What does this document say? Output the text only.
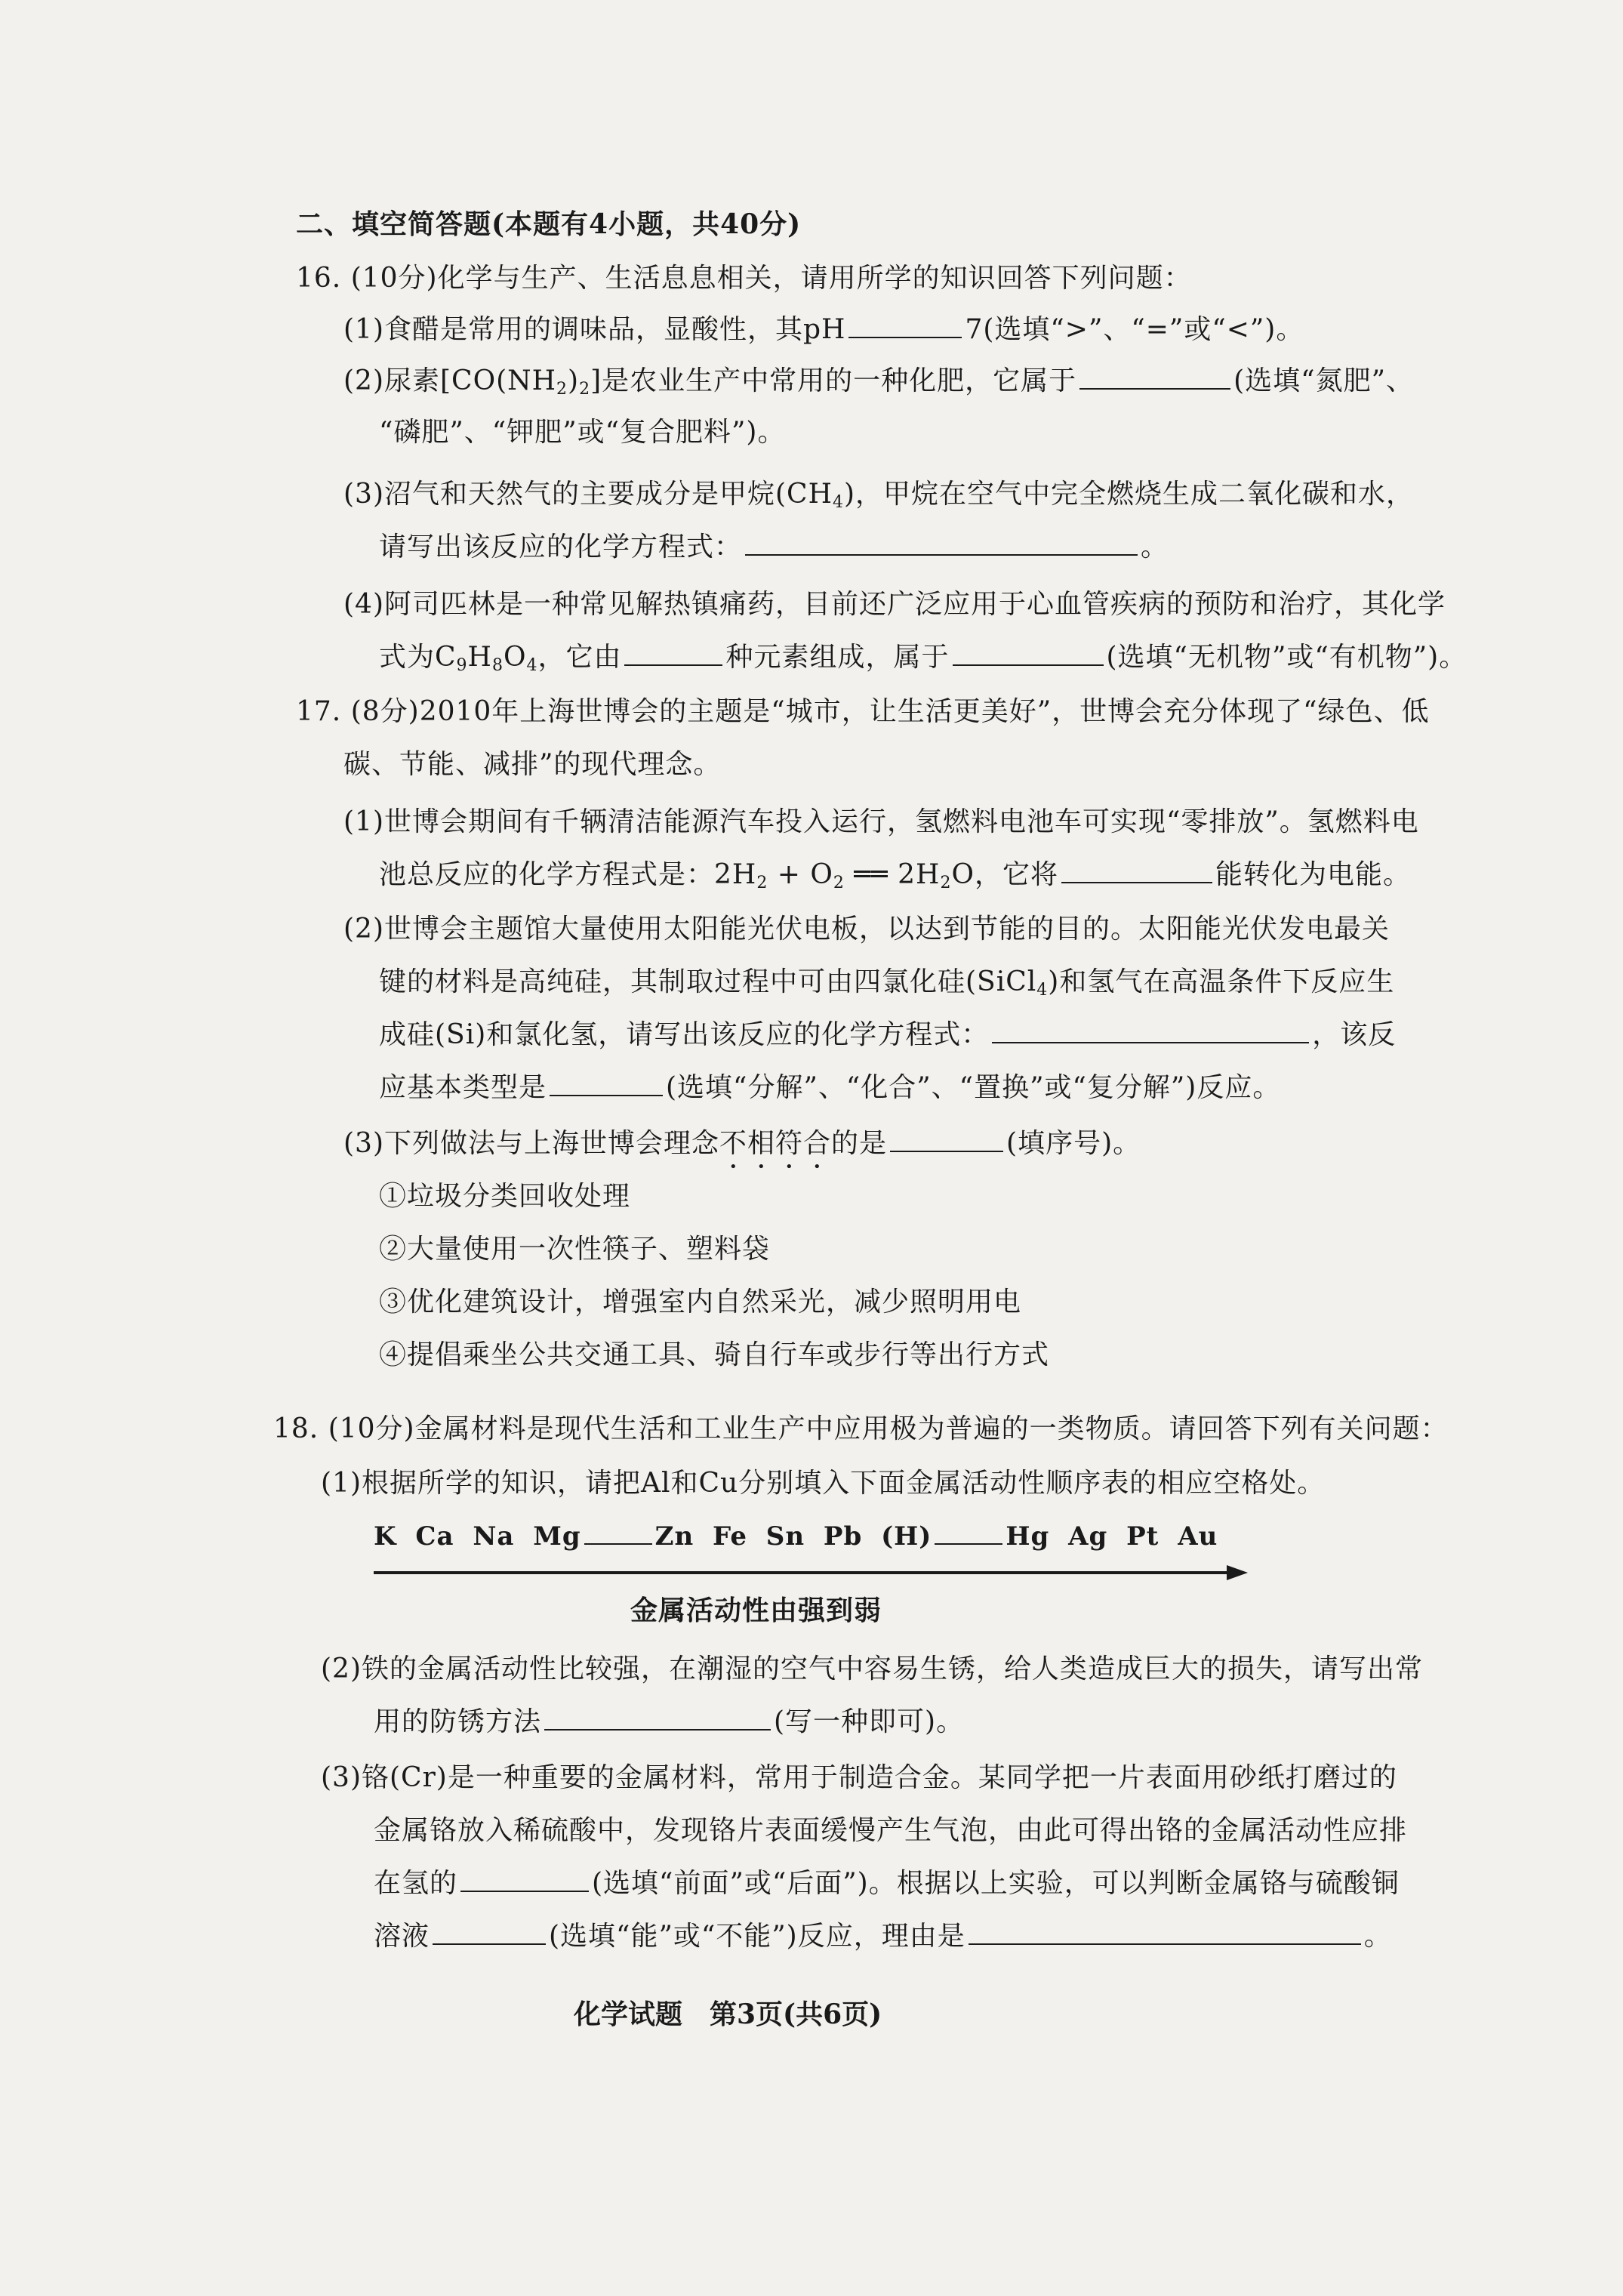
二、填空简答题(本题有4小题，共40分)
16. (10分)化学与生产、生活息息相关，请用所学的知识回答下列问题：
(1)食醋是常用的调味品，显酸性，其pH	7(选填“>”、“=”或“<”)。
(2)尿素$[CO(NH_2)_2]$是农业生产中常用的一种化肥，它属于	(选填“氮肥”、
“磷肥”、“钾肥”或“复合肥料”)。
(3)沼气和天然气的主要成分是甲烷$(CH_4)$，甲烷在空气中完全燃烧生成二氧化碳和水，
请写出该反应的化学方程式：	。
(4)阿司匹林是一种常见解热镇痛药，目前还广泛应用于心血管疾病的预防和治疗，其化学
式为$C_9H_8O_4$，它由	种元素组成，属于	(选填“无机物”或“有机物”)。
17. (8分)2010年上海世博会的主题是“城市，让生活更美好”，世博会充分体现了“绿色、低
碳、节能、减排”的现代理念。
(1)世博会期间有千辆清洁能源汽车投入运行，氢燃料电池车可实现“零排放”。氢燃料电
池总反应的化学方程式是：$2H_2 + O_2$ ══ $2H_2O$，它将	能转化为电能。
(2)世博会主题馆大量使用太阳能光伏电板，以达到节能的目的。太阳能光伏发电最关
键的材料是高纯硅，其制取过程中可由四氯化硅(SiCl$_4$)和氢气在高温条件下反应生
成硅(Si)和氯化氢，请写出该反应的化学方程式：	，该反
应基本类型是	(选填“分解”、“化合”、“置换”或“复分解”)反应。
(3)下列做法与上海世博会理念不相符合的是	(填序号)。
①垃圾分类回收处理
②大量使用一次性筷子、塑料袋
③优化建筑设计，增强室内自然采光，减少照明用电
④提倡乘坐公共交通工具、骑自行车或步行等出行方式
18. (10分)金属材料是现代生活和工业生产中应用极为普遍的一类物质。请回答下列有关问题：
(1)根据所学的知识，请把Al和Cu分别填入下面金属活动性顺序表的相应空格处。
K Ca Na Mg	Zn Fe Sn Pb (H)	Hg Ag Pt Au
金属活动性由强到弱
(2)铁的金属活动性比较强，在潮湿的空气中容易生锈，给人类造成巨大的损失，请写出常
用的防锈方法	(写一种即可)。
(3)铬(Cr)是一种重要的金属材料，常用于制造合金。某同学把一片表面用砂纸打磨过的
金属铬放入稀硫酸中，发现铬片表面缓慢产生气泡，由此可得出铬的金属活动性应排
在氢的	(选填“前面”或“后面”)。根据以上实验，可以判断金属铬与硫酸铜
溶液	(选填“能”或“不能”)反应，理由是	。
化学试题　第3页(共6页)
